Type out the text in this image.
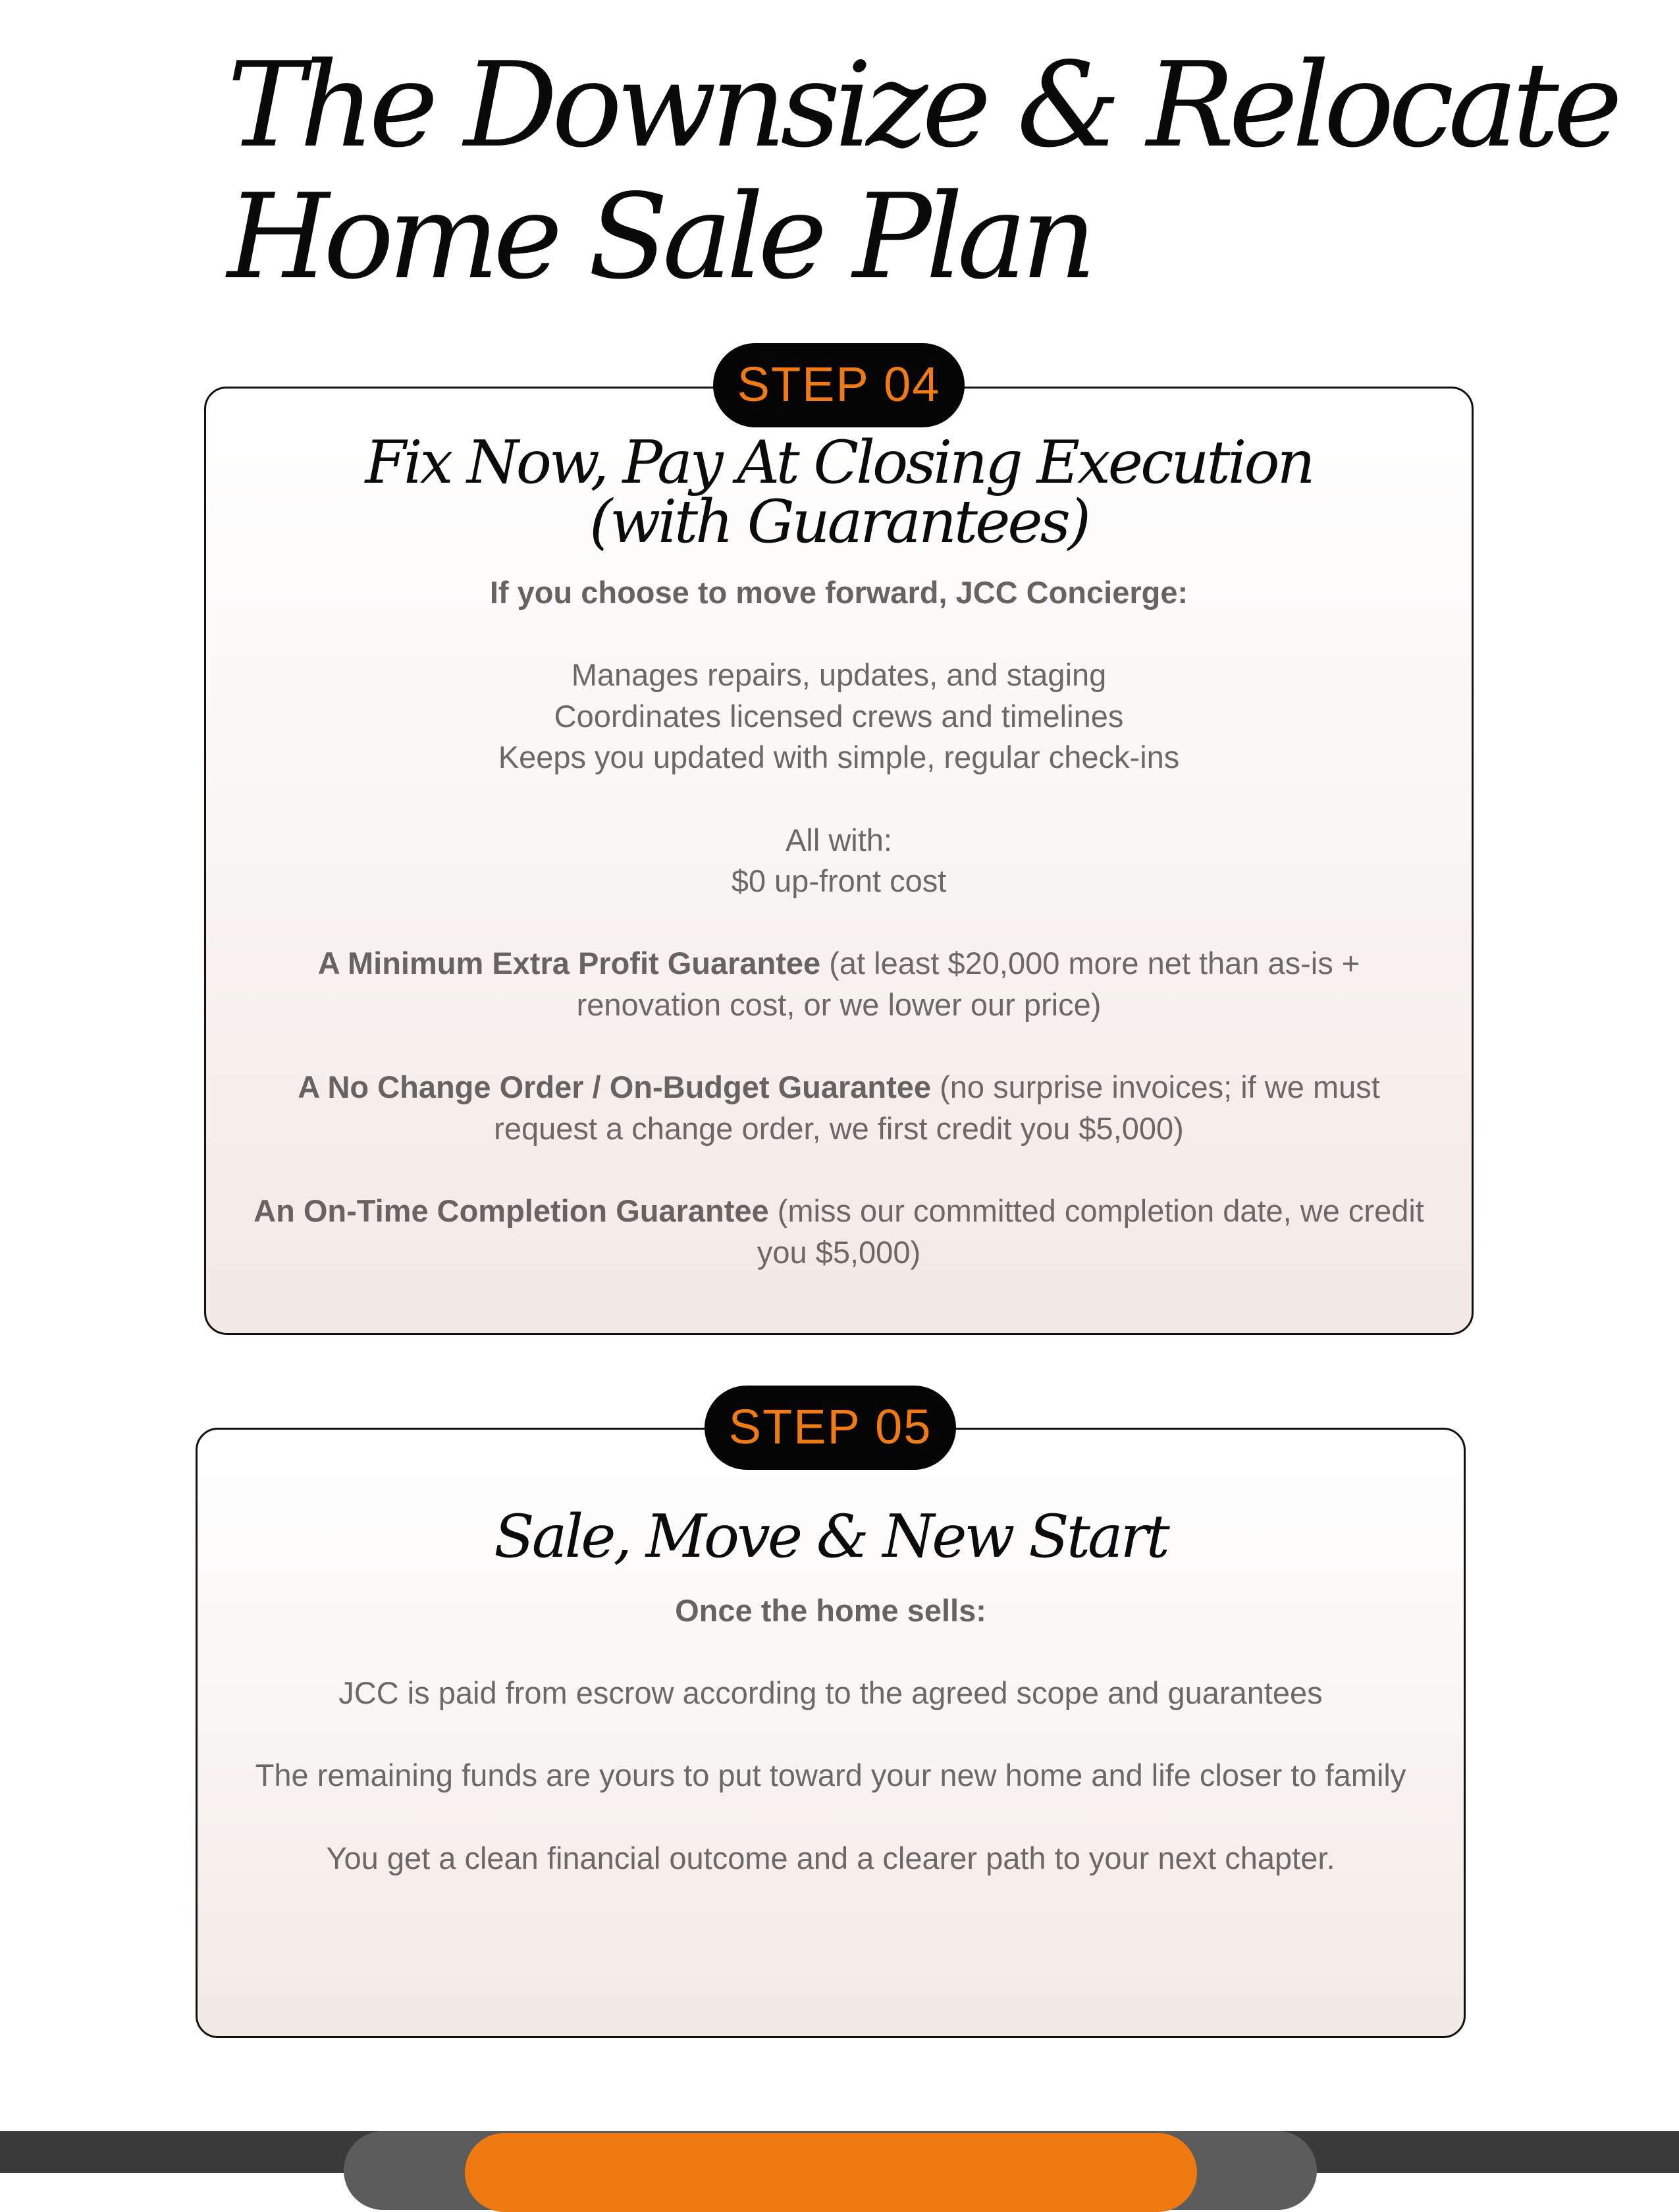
The Downsize & Relocate
Home Sale Plan
Fix Now, Pay At Closing Execution
(with Guarantees)

If you choose to move forward, JCC Concierge:

Manages repairs, updates, and staging

Coordinates licensed crews and timelines

Keeps you updated with simple, regular check-ins

All with:

$0 up-front cost

A Minimum Extra Profit Guarantee (at least $20,000 more net than as-is + renovation cost, or we lower our price)

A No Change Order / On-Budget Guarantee (no surprise invoices; if we must request a change order, we first credit you $5,000)

An On-Time Completion Guarantee (miss our committed completion date, we credit you $5,000)

STEP 04
Sale, Move & New Start

Once the home sells:

JCC is paid from escrow according to the agreed scope and guarantees

The remaining funds are yours to put toward your new home and life closer to family

You get a clean financial outcome and a clearer path to your next chapter.

STEP 05
